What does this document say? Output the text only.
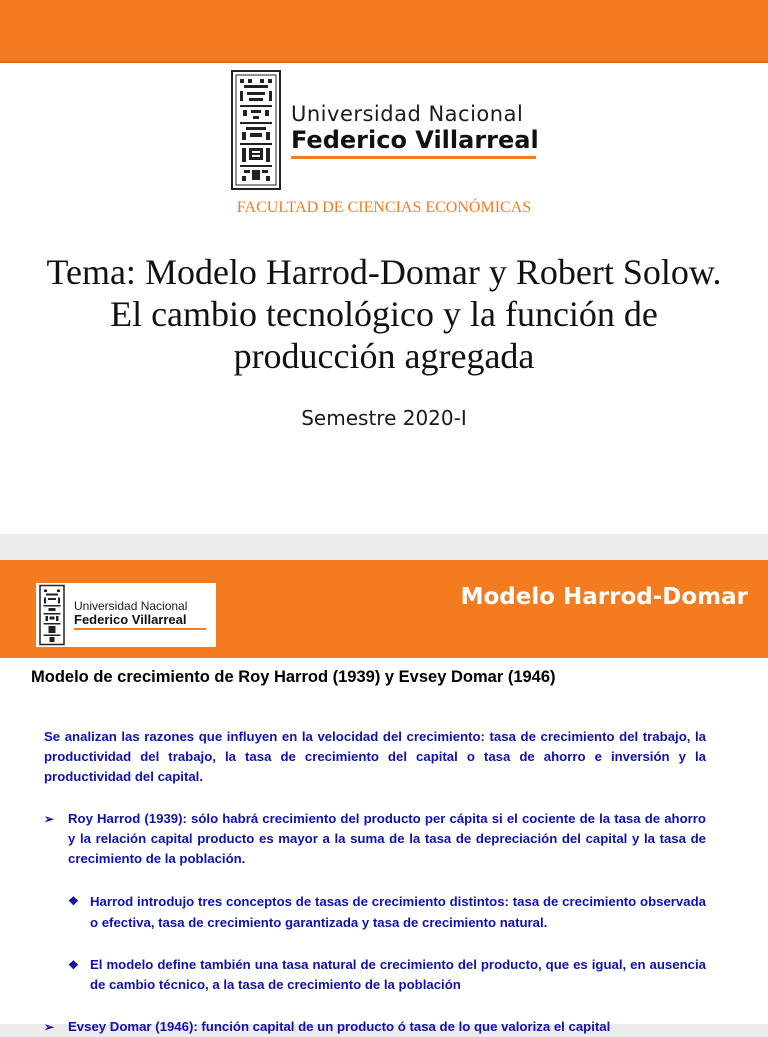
Universidad Nacional
Federico Villarreal
FACULTAD DE CIENCIAS ECONÓMICAS
Tema: Modelo Harrod-Domar y Robert Solow. El cambio tecnológico y la función de producción agregada
Semestre 2020-I
Universidad Nacional
Federico Villarreal
Modelo Harrod-Domar
Modelo de crecimiento de Roy Harrod (1939) y Evsey Domar (1946)

Se analizan las razones que influyen en la velocidad del crecimiento: tasa de crecimiento del trabajo, la productividad del trabajo, la tasa de crecimiento del capital o tasa de ahorro e inversión y la productividad del capital.

➢ Roy Harrod (1939): sólo habrá crecimiento del producto per cápita si el cociente de la tasa de ahorro y la relación capital producto es mayor a la suma de la tasa de depreciación del capital y la tasa de crecimiento de la población.
❖ Harrod introdujo tres conceptos de tasas de crecimiento distintos: tasa de crecimiento observada o efectiva, tasa de crecimiento garantizada y tasa de crecimiento natural.
❖ El modelo define también una tasa natural de crecimiento del producto, que es igual, en ausencia de cambio técnico, a la tasa de crecimiento de la población
➢ Evsey Domar (1946): función capital de un producto ó tasa de lo que valoriza el capital
